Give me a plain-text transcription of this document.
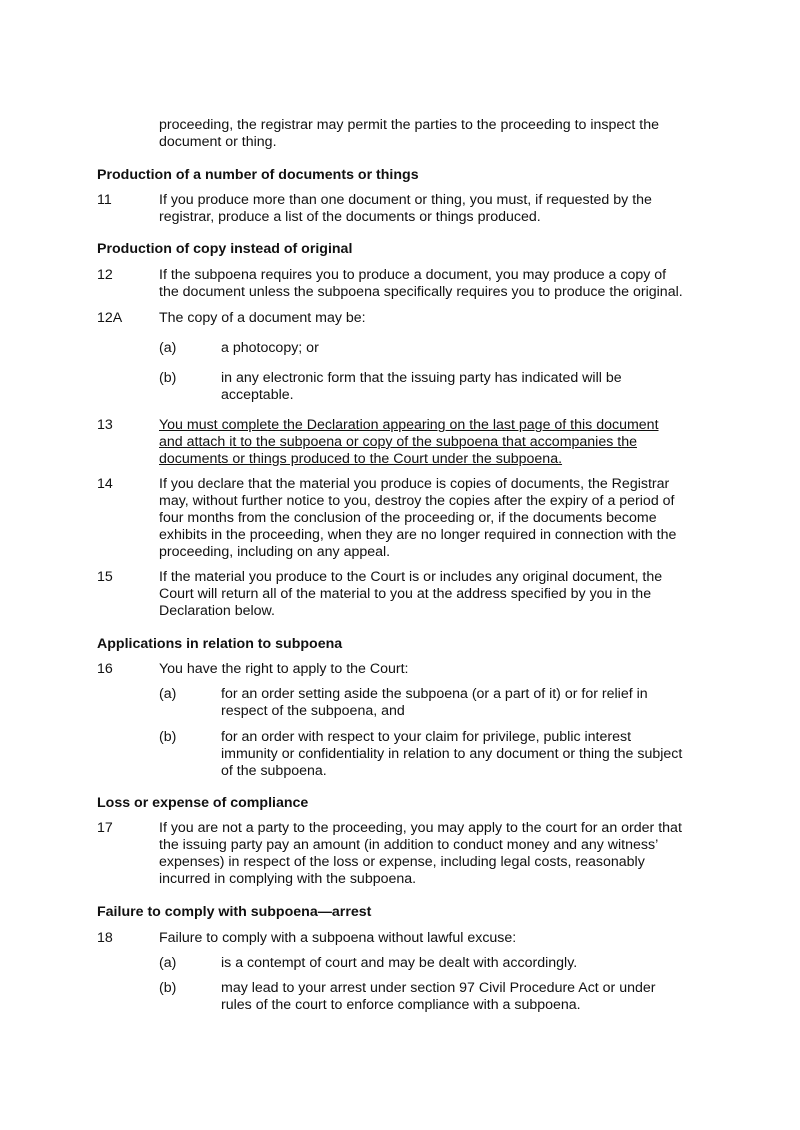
proceeding, the registrar may permit the parties to the proceeding to inspect the
document or thing.
Production of a number of documents or things
11	If you produce more than one document or thing, you must, if requested by the
registrar, produce a list of the documents or things produced.
Production of copy instead of original
12	If the subpoena requires you to produce a document, you may produce a copy of
the document unless the subpoena specifically requires you to produce the original.
12A	The copy of a document may be:
(a)	a photocopy; or
(b)	in any electronic form that the issuing party has indicated will be
acceptable.
13	You must complete the Declaration appearing on the last page of this document
and attach it to the subpoena or copy of the subpoena that accompanies the
documents or things produced to the Court under the subpoena.
14	If you declare that the material you produce is copies of documents, the Registrar
may, without further notice to you, destroy the copies after the expiry of a period of
four months from the conclusion of the proceeding or, if the documents become
exhibits in the proceeding, when they are no longer required in connection with the
proceeding, including on any appeal.
15	If the material you produce to the Court is or includes any original document, the
Court will return all of the material to you at the address specified by you in the
Declaration below.
Applications in relation to subpoena
16	You have the right to apply to the Court:
(a)	for an order setting aside the subpoena (or a part of it) or for relief in
respect of the subpoena, and
(b)	for an order with respect to your claim for privilege, public interest
immunity or confidentiality in relation to any document or thing the subject
of the subpoena.
Loss or expense of compliance
17	If you are not a party to the proceeding, you may apply to the court for an order that
the issuing party pay an amount (in addition to conduct money and any witness’
expenses) in respect of the loss or expense, including legal costs, reasonably
incurred in complying with the subpoena.
Failure to comply with subpoena—arrest
18	Failure to comply with a subpoena without lawful excuse:
(a)	is a contempt of court and may be dealt with accordingly.
(b)	may lead to your arrest under section 97 Civil Procedure Act or under
rules of the court to enforce compliance with a subpoena.
